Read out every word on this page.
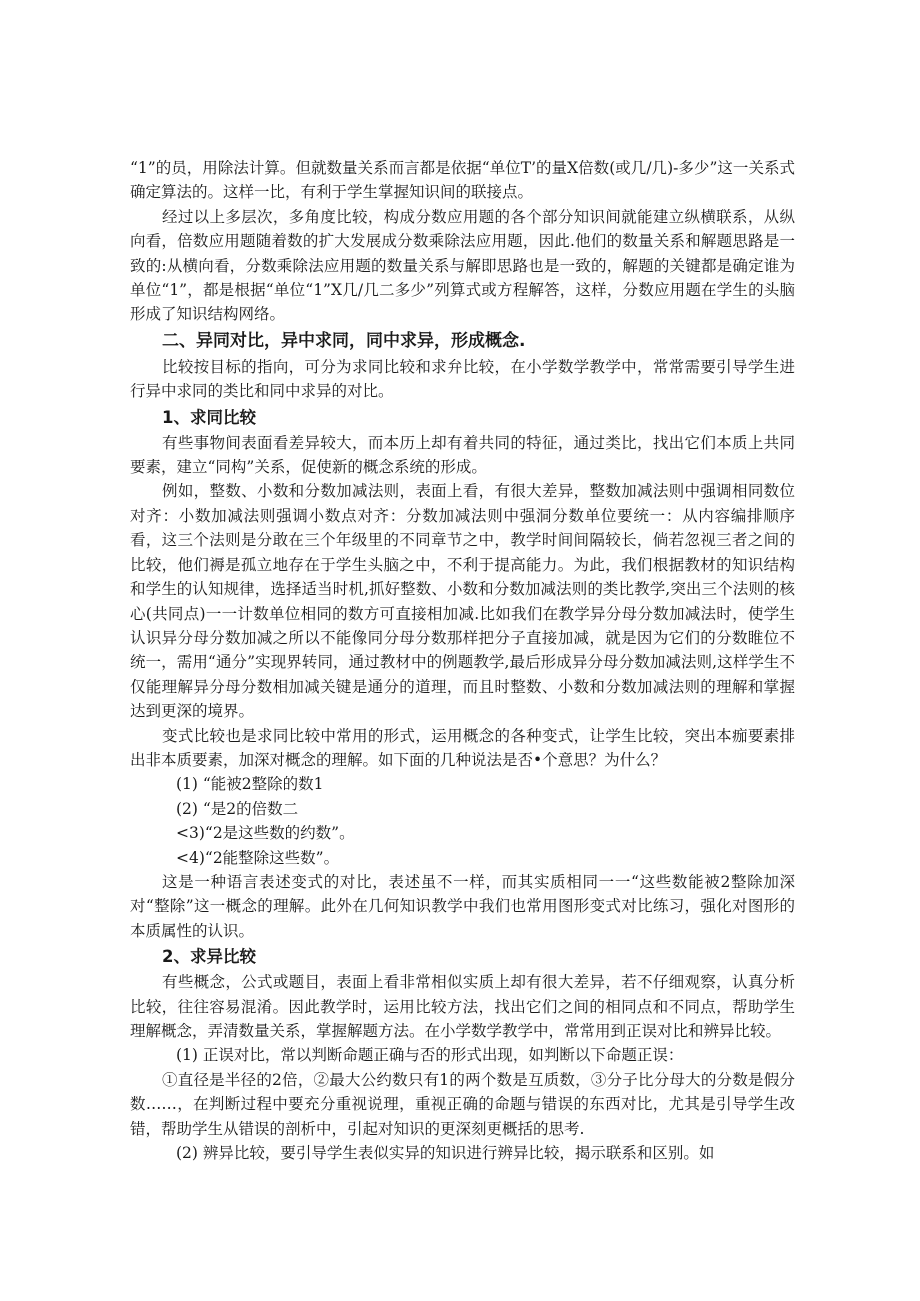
“1”的员，用除法计算。但就数量关系而言都是依据“单位T’的量X倍数(或几/几)-多少”这一关系式确定算法的。这样一比，有利于学生掌握知识间的联接点。

经过以上多层次，多角度比较，构成分数应用题的各个部分知识间就能建立纵横联系，从纵向看，倍数应用题随着数的扩大发展成分数乘除法应用题，因此.他们的数量关系和解题思路是一致的:从横向看，分数乘除法应用题的数量关系与解即思路也是一致的，解题的关键都是确定谁为单位“1”，都是根据“单位“1”X几/几二多少”列算式或方程解答，这样，分数应用题在学生的头脑形成了知识结构网络。

二、异同对比，异中求同，同中求异，形成概念.

比较按目标的指向，可分为求同比较和求弁比较，在小学数学教学中，常常需要引导学生进行异中求同的类比和同中求异的对比。

1、求同比较

有些事物间表面看差异较大，而本历上却有着共同的特征，通过类比，找出它们本质上共同要素，建立“同构”关系，促使新的概念系统的形成。

例如，整数、小数和分数加减法则，表面上看，有很大差异，整数加减法则中强调相同数位对齐：小数加减法则强调小数点对齐：分数加减法则中强洞分数单位要统一：从内容编排顺序看，这三个法则是分敢在三个年级里的不同章节之中，教学时间间隔较长，倘若忽视三者之间的比较，他们褥是孤立地存在于学生头脑之中，不利于提高能力。为此，我们根据教材的知识结构和学生的认知规律，选择适当时机,抓好整数、小数和分数加减法则的类比教学,突出三个法则的核心(共同点)一一计数单位相同的数方可直接相加减.比如我们在教学异分母分数加减法时，使学生认识异分母分数加减之所以不能像同分母分数那样把分子直接加减，就是因为它们的分数睢位不统一，需用“通分”实现界转同，通过教材中的例题教学,最后形成异分母分数加减法则,这样学生不仅能理解异分母分数相加减关键是通分的道理，而且时整数、小数和分数加减法则的理解和掌握达到更深的境界。

变式比较也是求同比较中常用的形式，运用概念的各种变式，让学生比较，突出本痂要素排出非本质要素，加深对概念的理解。如下面的几种说法是否•个意思？为什么？

(1) “能被2整除的数1

(2) “是2的倍数二

<3)“2是这些数的约数”。

<4)“2能整除这些数”。

这是一种语言表述变式的对比，表述虽不一样，而其实质相同一一“这些数能被2整除加深对“整除”这一概念的理解。此外在几何知识教学中我们也常用图形变式对比练习，强化对图形的本质属性的认识。

2、求异比较

有些概念，公式或题目，表面上看非常相似实质上却有很大差异，若不仔细观察，认真分析比较，往往容易混淆。因此教学时，运用比较方法，找出它们之间的相同点和不同点，帮助学生理解概念，弄清数量关系，掌握解题方法。在小学数学教学中，常常用到正误对比和辨异比较。

(1) 正误对比，常以判断命题正确与否的形式出现，如判断以下命题正误：

①直径是半径的2倍，②最大公约数只有1的两个数是互质数，③分子比分母大的分数是假分数……，在判断过程中要充分重视说理，重视正确的命题与错误的东西对比，尤其是引导学生改错，帮助学生从错误的剖析中，引起对知识的更深刻更概括的思考.

(2) 辨异比较，要引导学生表似实异的知识进行辨异比较，揭示联系和区别。如
